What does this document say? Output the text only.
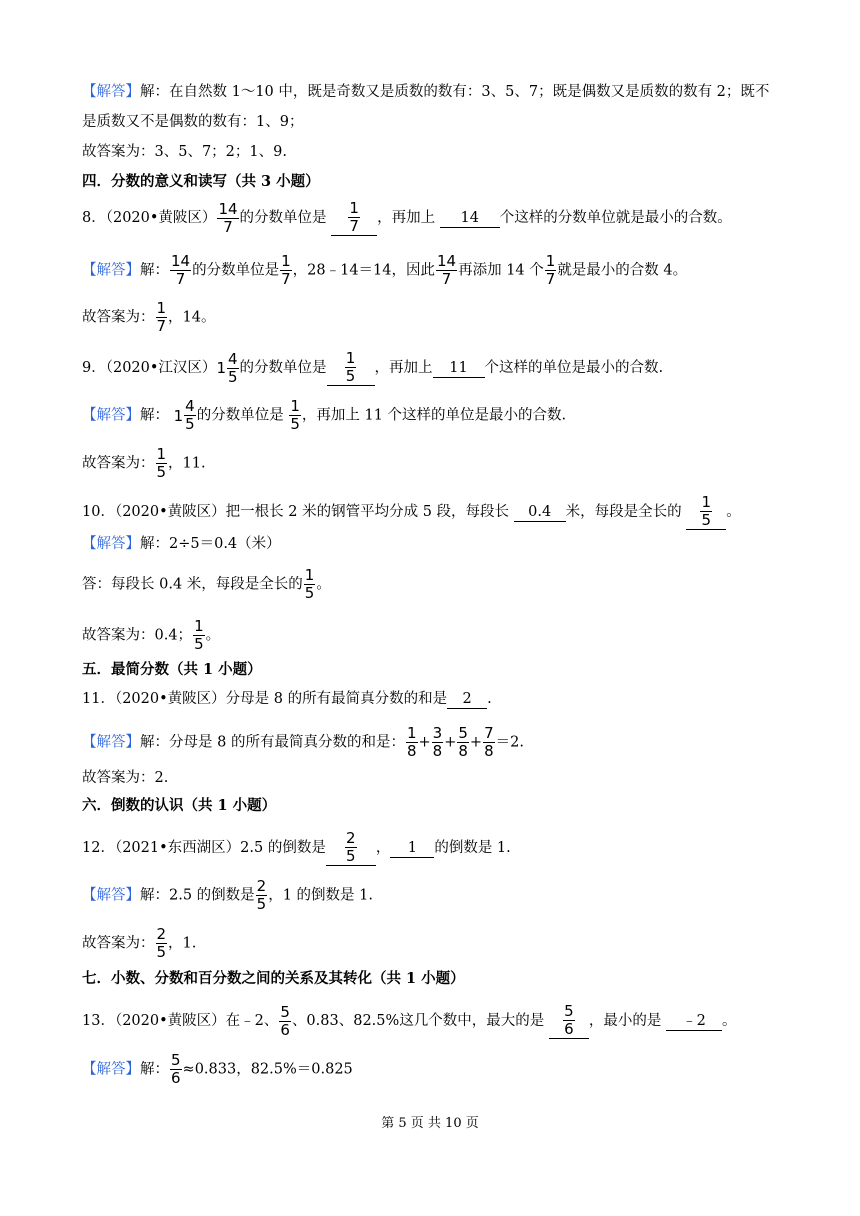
【解答】解：在自然数 1～10 中，既是奇数又是质数的数有：3、5、7；既是偶数又是质数的数有 2；既不
是质数又不是偶数的数有：1、9；
故答案为：3、5、7；2；1、9.
四．分数的意义和读写（共 3 小题）
8．（2020•黄陂区） $\frac{14}{7}$ 的分数单位是 $\frac{1}{7}$ ，再加上 14 个这样的分数单位就是最小的合数。
【解答】解： $\frac{14}{7}$ 的分数单位是 $\frac{1}{7}$ ，28﹣14＝14，因此 $\frac{14}{7}$ 再添加 14 个 $\frac{1}{7}$ 就是最小的合数 4。
故答案为： $\frac{1}{7}$ ，14。
9．（2020•江汉区） $1 \frac{4}{5}$ 的分数单位是 $\frac{1}{5}$ ，再加上 11 个这样的单位是最小的合数.
【解答】解： $1 \frac{4}{5}$ 的分数单位是 $\frac{1}{5}$ ，再加上 11 个这样的单位是最小的合数.
故答案为： $\frac{1}{5}$ ，11.
10．（2020•黄陂区）把一根长 2 米的钢管平均分成 5 段，每段长 0.4 米，每段是全长的 $\frac{1}{5}$ 。
【解答】解：2÷5＝0.4（米）
答：每段长 0.4 米，每段是全长的 $\frac{1}{5}$ 。
故答案为：0.4； $\frac{1}{5}$ 。
五．最简分数（共 1 小题）
11．（2020•黄陂区）分母是 8 的所有最简真分数的和是 2 .
【解答】解：分母是 8 的所有最简真分数的和是： $\frac{1}{8} + \frac{3}{8} + \frac{5}{8} + \frac{7}{8} =2$.
故答案为：2.
六．倒数的认识（共 1 小题）
12．（2021•东西湖区）2.5 的倒数是 $\frac{2}{5}$ ， 1 的倒数是 1.
【解答】解：2.5 的倒数是 $\frac{2}{5}$ ，1 的倒数是 1.
故答案为： $\frac{2}{5}$ ，1.
七．小数、分数和百分数之间的关系及其转化（共 1 小题）
13．（2020•黄陂区）在﹣2、 $\frac{5}{6}$ 、0.83、82.5%这几个数中，最大的是 $\frac{5}{6}$ ，最小的是 ﹣2 。
【解答】解： $\frac{5}{6} \approx 0.833$，82.5%＝0.825
第 5 页 共 10 页
